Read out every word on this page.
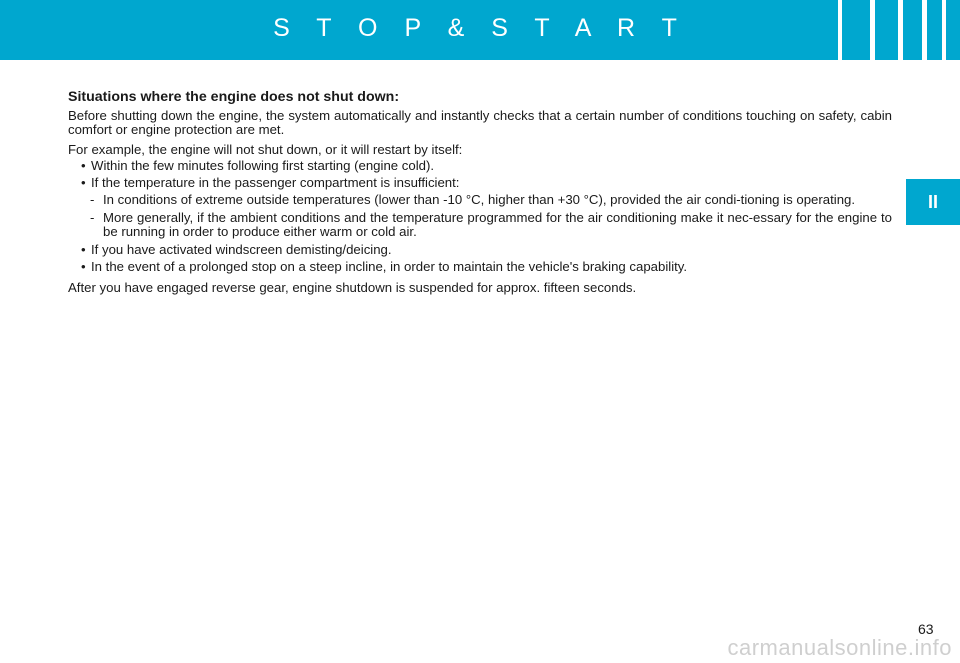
S T O P & S T A R T
II

Situations where the engine does not shut down:

Before shutting down the engine, the system automatically and instantly checks that a certain number of conditions touching on safety, cabin comfort or engine protection are met.

For example, the engine will not shut down, or it will restart by itself:

• Within the few minutes following first starting (engine cold).
• If the temperature in the passenger compartment is insufficient:
- In conditions of extreme outside temperatures (lower than -10 °C, higher than +30 °C), provided the air condi-tioning is operating.
- More generally, if the ambient conditions and the temperature programmed for the air conditioning make it nec-essary for the engine to be running in order to produce either warm or cold air.
• If you have activated windscreen demisting/deicing.
• In the event of a prolonged stop on a steep incline, in order to maintain the vehicle's braking capability.

After you have engaged reverse gear, engine shutdown is suspended for approx. fifteen seconds.

63
carmanualsonline.info
